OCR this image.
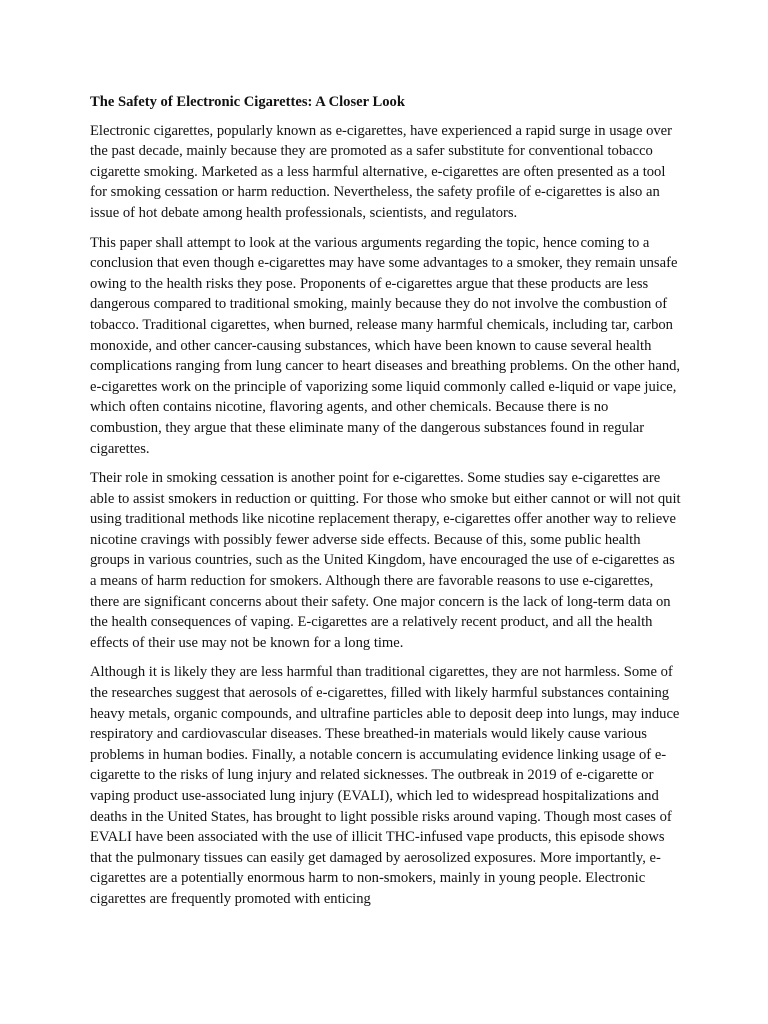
The Safety of Electronic Cigarettes: A Closer Look

Electronic cigarettes, popularly known as e-cigarettes, have experienced a rapid surge in usage over the past decade, mainly because they are promoted as a safer substitute for conventional tobacco cigarette smoking. Marketed as a less harmful alternative, e-cigarettes are often presented as a tool for smoking cessation or harm reduction. Nevertheless, the safety profile of e-cigarettes is also an issue of hot debate among health professionals, scientists, and regulators.

This paper shall attempt to look at the various arguments regarding the topic, hence coming to a conclusion that even though e-cigarettes may have some advantages to a smoker, they remain unsafe owing to the health risks they pose. Proponents of e-cigarettes argue that these products are less dangerous compared to traditional smoking, mainly because they do not involve the combustion of tobacco. Traditional cigarettes, when burned, release many harmful chemicals, including tar, carbon monoxide, and other cancer-causing substances, which have been known to cause several health complications ranging from lung cancer to heart diseases and breathing problems. On the other hand, e-cigarettes work on the principle of vaporizing some liquid commonly called e-liquid or vape juice, which often contains nicotine, flavoring agents, and other chemicals. Because there is no combustion, they argue that these eliminate many of the dangerous substances found in regular cigarettes.

Their role in smoking cessation is another point for e-cigarettes. Some studies say e-cigarettes are able to assist smokers in reduction or quitting. For those who smoke but either cannot or will not quit using traditional methods like nicotine replacement therapy, e-cigarettes offer another way to relieve nicotine cravings with possibly fewer adverse side effects. Because of this, some public health groups in various countries, such as the United Kingdom, have encouraged the use of e-cigarettes as a means of harm reduction for smokers. Although there are favorable reasons to use e-cigarettes, there are significant concerns about their safety. One major concern is the lack of long-term data on the health consequences of vaping. E-cigarettes are a relatively recent product, and all the health effects of their use may not be known for a long time.

Although it is likely they are less harmful than traditional cigarettes, they are not harmless. Some of the researches suggest that aerosols of e-cigarettes, filled with likely harmful substances containing heavy metals, organic compounds, and ultrafine particles able to deposit deep into lungs, may induce respiratory and cardiovascular diseases. These breathed-in materials would likely cause various problems in human bodies. Finally, a notable concern is accumulating evidence linking usage of e-cigarette to the risks of lung injury and related sicknesses. The outbreak in 2019 of e-cigarette or vaping product use-associated lung injury (EVALI), which led to widespread hospitalizations and deaths in the United States, has brought to light possible risks around vaping. Though most cases of EVALI have been associated with the use of illicit THC-infused vape products, this episode shows that the pulmonary tissues can easily get damaged by aerosolized exposures. More importantly, e-cigarettes are a potentially enormous harm to non-smokers, mainly in young people. Electronic cigarettes are frequently promoted with enticing
